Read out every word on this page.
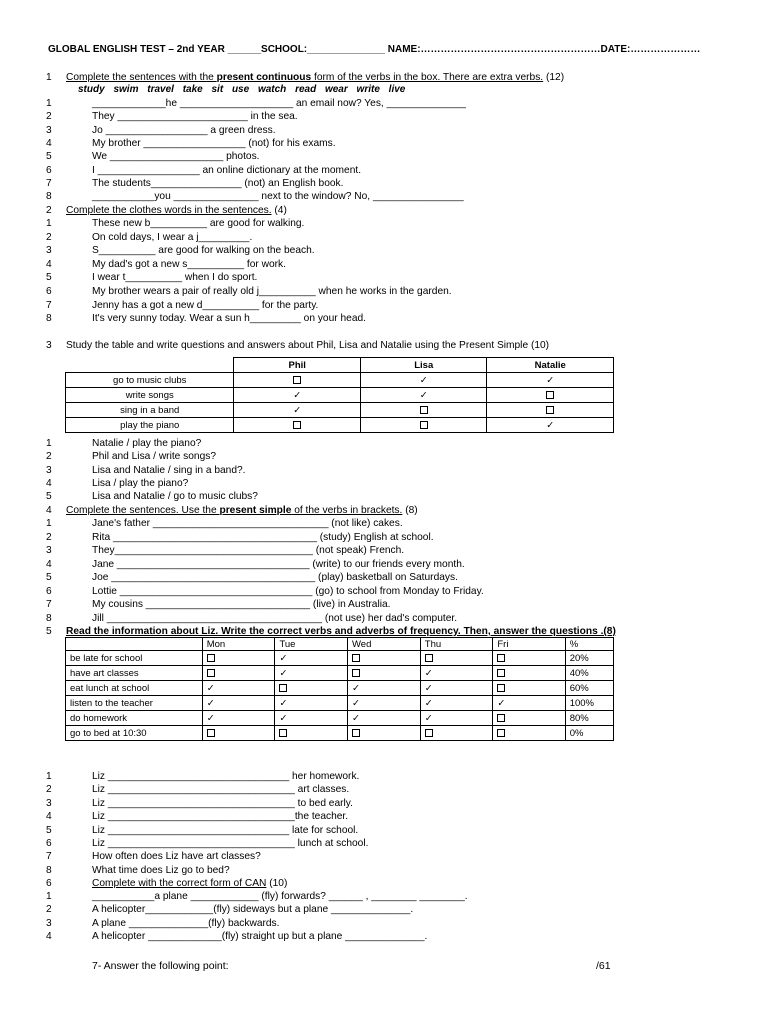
GLOBAL ENGLISH TEST – 2nd YEAR ______SCHOOL:______________ NAME:………………………………………………DATE:…………………
1	Complete the sentences with the present continuous form of the verbs in the box. There are extra verbs. (12)
study swim travel take sit use watch read wear write live
1	_____________he ____________________ an email now? Yes, ______________
2	They _______________________ in the sea.
3	Jo __________________ a green dress.
4	My brother __________________ (not) for his exams.
5	We ____________________ photos.
6	I __________________ an online dictionary at the moment.
7	The students________________ (not) an English book.
8	___________you _______________ next to the window? No, ________________
2	Complete the clothes words in the sentences. (4)
1	These new b__________ are good for walking.
2	On cold days, I wear a j_________.
3	S__________ are good for walking on the beach.
4	My dad's got a new s__________ for work.
5	I wear t__________ when I do sport.
6	My brother wears a pair of really old j__________ when he works in the garden.
7	Jenny has a got a new d__________ for the party.
8	It's very sunny today. Wear a sun h_________ on your head.
3	Study the table and write questions and answers about Phil, Lisa and Natalie using the Present Simple (10)
	Phil	Lisa	Natalie
go to music clubs		✓	✓
write songs	✓	✓	
sing in a band	✓		
play the piano			✓
1	Natalie / play the piano?
2	Phil and Lisa / write songs?
3	Lisa and Natalie / sing in a band?.
4	Lisa / play the piano?
5	Lisa and Natalie / go to music clubs?
4	Complete the sentences. Use the present simple of the verbs in brackets. (8)
1	Jane's father _______________________________ (not like) cakes.
2	Rita ____________________________________ (study) English at school.
3	They___________________________________ (not speak) French.
4	Jane __________________________________ (write) to our friends every month.
5	Joe ____________________________________ (play) basketball on Saturdays.
6	Lottie __________________________________ (go) to school from Monday to Friday.
7	My cousins _____________________________ (live) in Australia.
8	Jill ______________________________________ (not use) her dad's computer.
5	Read the information about Liz. Write the correct verbs and adverbs of frequency. Then, answer the questions .(8)
	Mon	Tue	Wed	Thu	Fri	%
be late for school		✓				20%
have art classes		✓		✓		40%
eat lunch at school	✓		✓	✓		60%
listen to the teacher	✓	✓	✓	✓	✓	100%
do homework	✓	✓	✓	✓		80%
go to bed at 10:30						0%
1	Liz ________________________________ her homework.
2	Liz _________________________________ art classes.
3	Liz _________________________________ to bed early.
4	Liz _________________________________the teacher.
5	Liz ________________________________ late for school.
6	Liz _________________________________ lunch at school.
7	How often does Liz have art classes?
8	What time does Liz go to bed?
6	Complete with the correct form of CAN (10)
1	___________a plane ____________ (fly) forwards? ______ , ________ ________.
2	A helicopter____________(fly) sideways but a plane ______________.
3	A plane ______________(fly) backwards.
4	A helicopter _____________(fly) straight up but a plane ______________.
7- Answer the following point:	/61
